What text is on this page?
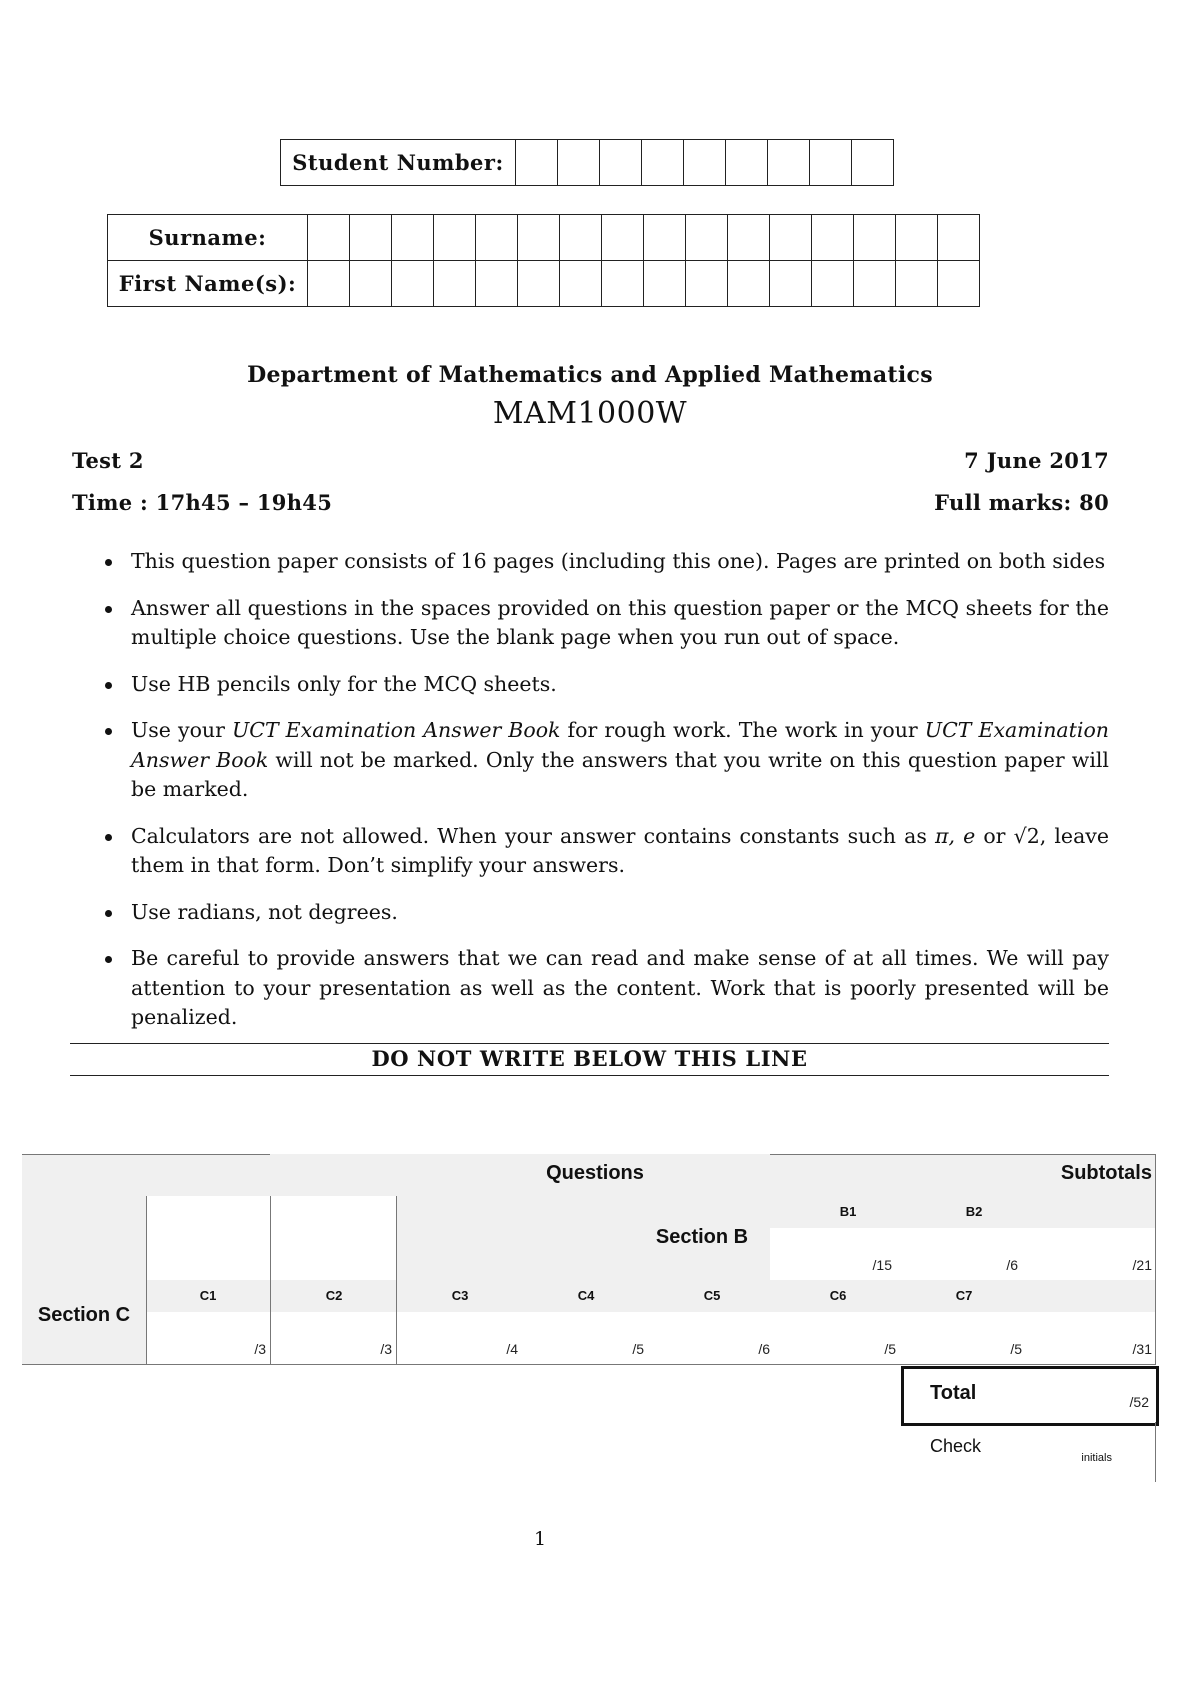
Student Number:									
Surname:																
First Name(s):																
Department of Mathematics and Applied Mathematics
MAM1000W
Test 2	7 June 2017
Time : 17h45 – 19h45	Full marks: 80
This question paper consists of 16 pages (including this one). Pages are printed on both sides
Answer all questions in the spaces provided on this question paper or the MCQ sheets for the multiple choice questions. Use the blank page when you run out of space.
Use HB pencils only for the MCQ sheets.
Use your UCT Examination Answer Book for rough work. The work in your UCT Examination Answer Book will not be marked. Only the answers that you write on this question paper will be marked.
Calculators are not allowed. When your answer contains constants such as π, e or √2, leave them in that form. Don’t simplify your answers.
Use radians, not degrees.
Be careful to provide answers that we can read and make sense of at all times. We will pay attention to your presentation as well as the content. Work that is poorly presented will be penalized.
DO NOT WRITE BELOW THIS LINE
Questions	Subtotals
Section B
B1	B2
/15	/6	/21
Section C
C1	C2	C3	C4	C5	C6	C7
/3	/3	/4	/5	/6	/5	/5	/31
Total	/52
Check
initials
1
